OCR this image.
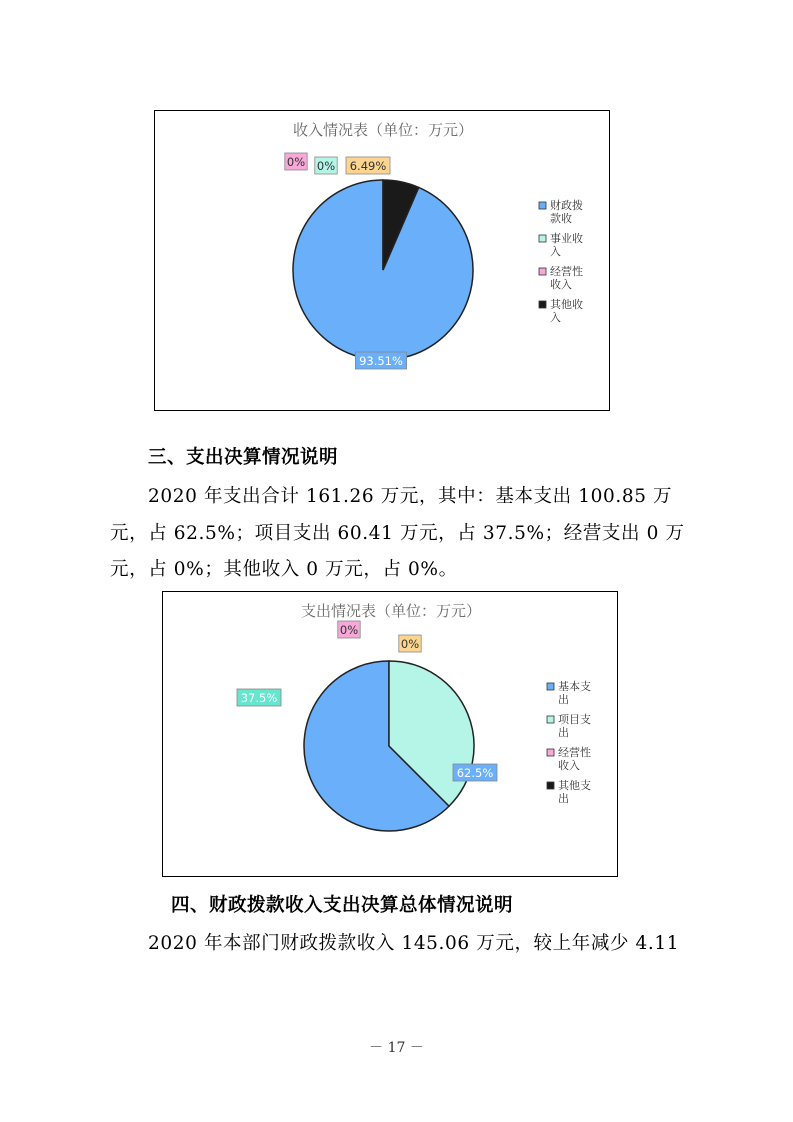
收入情况表（单位：万元）
93.51%
0%
0%	6.49%
财政拨
款收
事业收
入
经营性
收入
其他收
入
三、支出决算情况说明
2020 年支出合计 161.26 万元，其中：基本支出 100.85 万
元，占 62.5%；项目支出 60.41 万元，占 37.5%；经营支出 0 万
元，占 0%；其他收入 0 万元，占 0%。
支出情况表（单位：万元）
62.5%
37.5%
0%
0%
基本支
出
项目支
出
经营性
收入
其他支
出
四、财政拨款收入支出决算总体情况说明
2020 年本部门财政拨款收入 145.06 万元，较上年减少 4.11
－ 17 －
